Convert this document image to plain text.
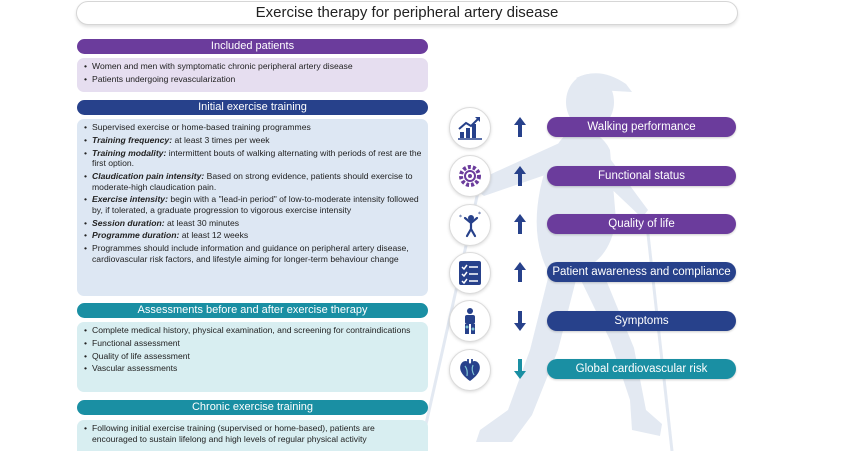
Exercise therapy for peripheral artery disease
Included patients
• Women and men with symptomatic chronic peripheral artery disease
• Patients undergoing revascularization
Initial exercise training
• Supervised exercise or home-based training programmes
• Training frequency: at least 3 times per week
• Training modality: intermittent bouts of walking alternating with periods of rest are the first option.
• Claudication pain intensity: Based on strong evidence, patients should exercise to moderate-high claudication pain.
• Exercise intensity: begin with a "lead-in period" of low-to-moderate intensity followed by, if tolerated, a graduate progression to vigorous exercise intensity
• Session duration: at least 30 minutes
• Programme duration: at least 12 weeks
• Programmes should include information and guidance on peripheral artery disease, cardiovascular risk factors, and lifestyle aiming for longer-term behaviour change
Assessments before and after exercise therapy
• Complete medical history, physical examination, and screening for contraindications
• Functional assessment
• Quality of life assessment
• Vascular assessments
Chronic exercise training
• Following initial exercise training (supervised or home-based), patients are encouraged to sustain lifelong and high levels of regular physical activity
Walking performance
Functional status
*	*
Quality of life
Patient awareness and compliance
Symptoms
Global cardiovascular risk
